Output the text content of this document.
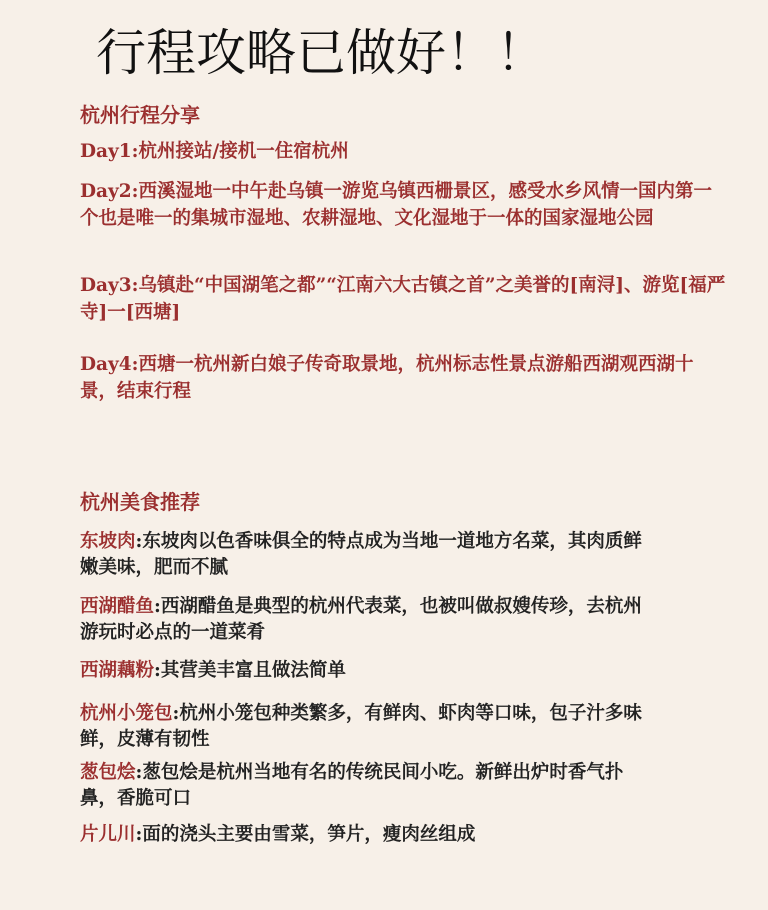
行程攻略已做好！！
杭州行程分享

Day1:杭州接站/接机一住宿杭州

Day2:西溪湿地一中午赴乌镇一游览乌镇西栅景区，感受水乡风情一国内第一个也是唯一的集城市湿地、农耕湿地、文化湿地于一体的国家湿地公园

Day3:乌镇赴“中国湖笔之都”“江南六大古镇之首”之美誉的[南浔]、游览[福严寺]一[西塘]

Day4:西塘一杭州新白娘子传奇取景地，杭州标志性景点游船西湖观西湖十景，结束行程

杭州美食推荐

东坡肉:东坡肉以色香味俱全的特点成为当地一道地方名菜，其肉质鲜嫩美味，肥而不腻

西湖醋鱼:西湖醋鱼是典型的杭州代表菜，也被叫做叔嫂传珍，去杭州游玩时必点的一道菜肴

西湖藕粉:其营美丰富且做法简单

杭州小笼包:杭州小笼包种类繁多，有鲜肉、虾肉等口味，包子汁多味鲜，皮薄有韧性

葱包烩:葱包烩是杭州当地有名的传统民间小吃。新鲜出炉时香气扑鼻，香脆可口

片儿川:面的浇头主要由雪菜，笋片，瘦肉丝组成
